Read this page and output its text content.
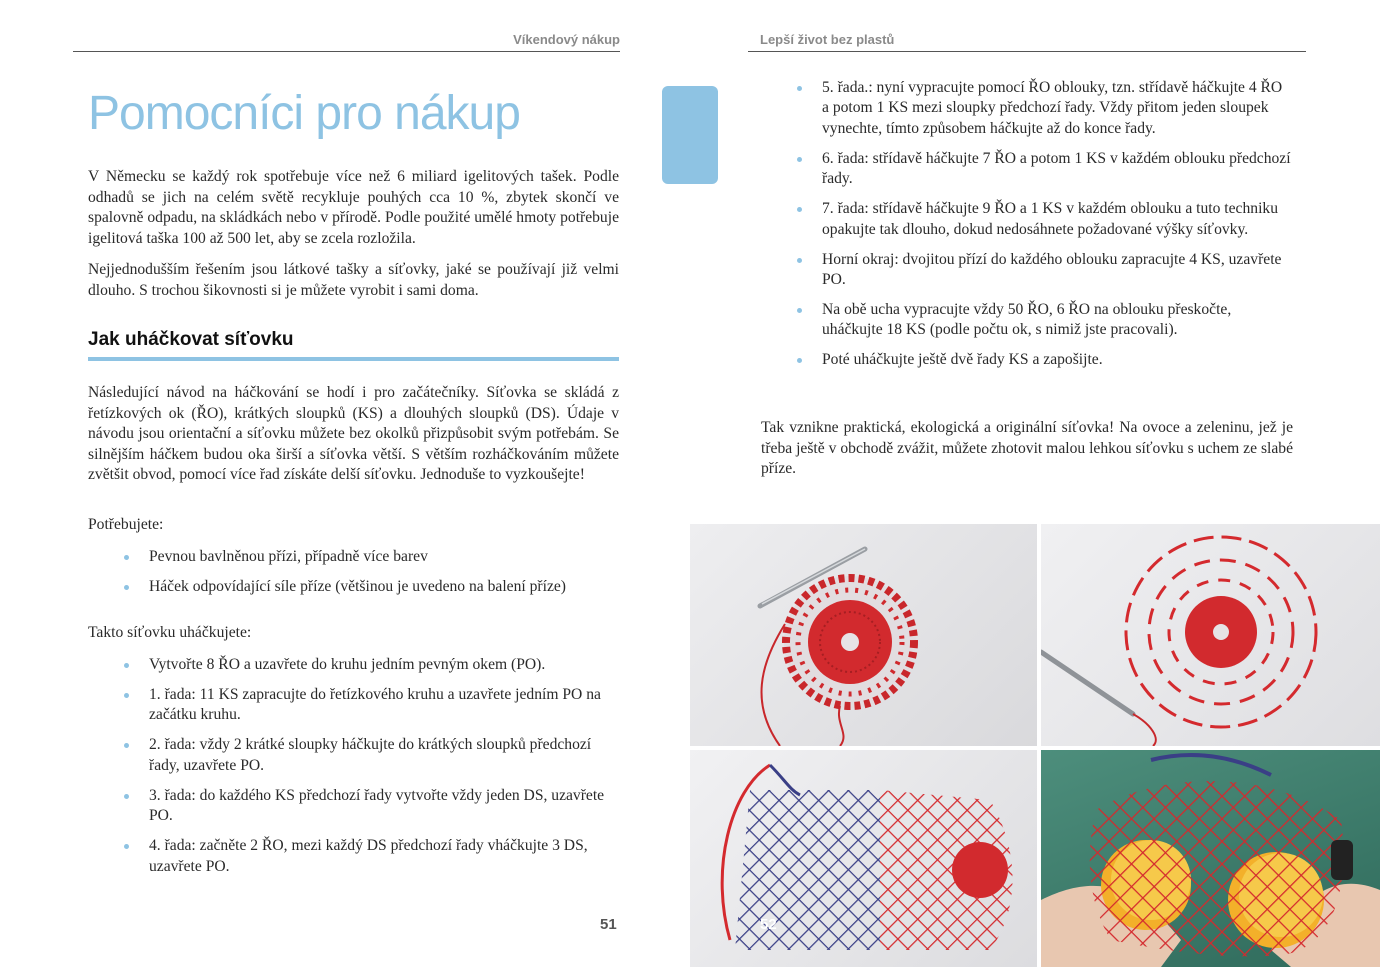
Víkendový nákup	Lepší život bez plastů
Pomocníci pro nákup

V Německu se každý rok spotřebuje více než 6 miliard igelitových tašek. Podle odhadů se jich na celém světě recykluje pouhých cca 10 %, zbytek skončí ve spalovně odpadu, na skládkách nebo v přírodě. Podle použité umělé hmoty potřebuje igelitová taška 100 až 500 let, aby se zcela rozložila.

Nejjednodušším řešením jsou látkové tašky a síťovky, jaké se používají již velmi dlouho. S trochou šikovnosti si je můžete vyrobit i sami doma.

Jak uháčkovat síťovku

Následující návod na háčkování se hodí i pro začátečníky. Síťovka se skládá z řetízkových ok (ŘO), krátkých sloupků (KS) a dlouhých sloupků (DS). Údaje v návodu jsou orientační a síťovku můžete bez okolků přizpůsobit svým potřebám. Se silnějším háčkem budou oka širší a síťovka větší. S větším rozháčkováním můžete zvětšit obvod, pomocí více řad získáte delší síťovku. Jednoduše to vyzkoušejte!

Potřebujete:

Pevnou bavlněnou přízi, případně více barev
Háček odpovídající síle příze (většinou je uvedeno na balení příze)

Takto síťovku uháčkujete:

Vytvořte 8 ŘO a uzavřete do kruhu jedním pevným okem (PO).
1. řada: 11 KS zapracujte do řetízkového kruhu a uzavřete jedním PO na začátku kruhu.
2. řada: vždy 2 krátké sloupky háčkujte do krátkých sloupků předchozí řady, uzavřete PO.
3. řada: do každého KS předchozí řady vytvořte vždy jeden DS, uzavřete PO.
4. řada: začněte 2 ŘO, mezi každý DS předchozí řady vháčkujte 3 DS, uzavřete PO.
51
5. řada.: nyní vypracujte pomocí ŘO oblouky, tzn. střídavě háčkujte 4 ŘO a potom 1 KS mezi sloupky předchozí řady. Vždy přitom jeden sloupek vynechte, tímto způsobem háčkujte až do konce řady.
6. řada: střídavě háčkujte 7 ŘO a potom 1 KS v každém oblouku předchozí řady.
7. řada: střídavě háčkujte 9 ŘO a 1 KS v každém oblouku a tuto techniku opakujte tak dlouho, dokud nedosáhnete požadované výšky síťovky.
Horní okraj: dvojitou přízí do každého oblouku zapracujte 4 KS, uzavřete PO.
Na obě ucha vypracujte vždy 50 ŘO, 6 ŘO na oblouku přeskočte, uháčkujte 18 KS (podle počtu ok, s nimiž jste pracovali).
Poté uháčkujte ještě dvě řady KS a zapošijte.

Tak vznikne praktická, ekologická a originální síťovka! Na ovoce a zeleninu, jež je třeba ještě v obchodě zvážit, můžete zhotovit malou lehkou síťovku s uchem ze slabé příze.

52
